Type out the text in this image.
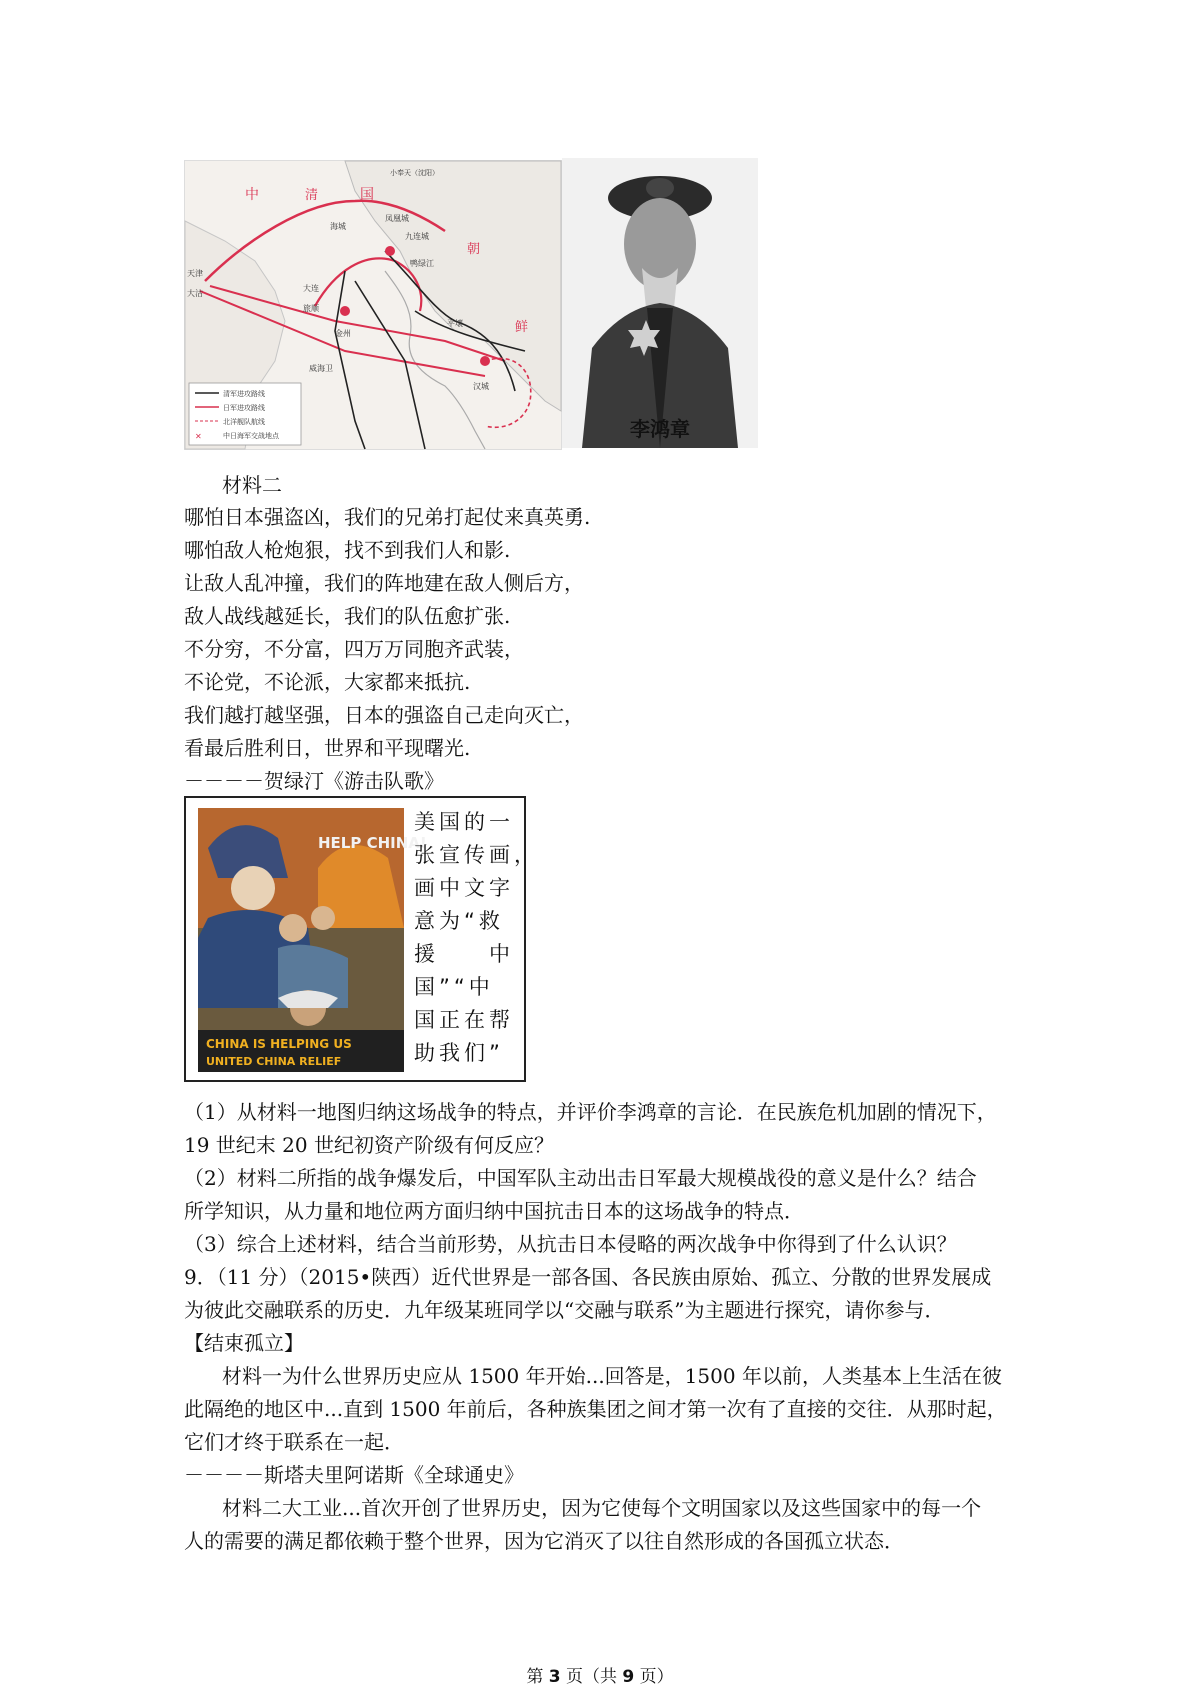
中	清	国
朝
鲜
大连
旅顺
威海卫
平壤
汉城
天津
大沽
九连城
凤凰城
金州
鸭绿江
海城
小奉天（沈阳）
✕
清军进攻路线
日军进攻路线
北洋舰队航线
中日海军交战地点	李鸿章
材料二
哪怕日本强盗凶，我们的兄弟打起仗来真英勇.
哪怕敌人枪炮狠，找不到我们人和影.
让敌人乱冲撞，我们的阵地建在敌人侧后方，
敌人战线越延长，我们的队伍愈扩张.
不分穷，不分富，四万万同胞齐武装，
不论党，不论派，大家都来抵抗.
我们越打越坚强，日本的强盗自己走向灭亡，
看最后胜利日，世界和平现曙光.
－－－－贺绿汀《游击队歌》
HELP CHINA!
CHINA IS HELPING US
UNITED CHINA RELIEF
美国的一
张宣传画，
画中文字
意为“救
援　　中
国”“中
国正在帮
助我们”
（1）从材料一地图归纳这场战争的特点，并评价李鸿章的言论．在民族危机加剧的情况下，
19 世纪末 20 世纪初资产阶级有何反应？
（2）材料二所指的战争爆发后，中国军队主动出击日军最大规模战役的意义是什么？结合
所学知识，从力量和地位两方面归纳中国抗击日本的这场战争的特点．
（3）综合上述材料，结合当前形势，从抗击日本侵略的两次战争中你得到了什么认识？
9．（11 分）（2015•陕西）近代世界是一部各国、各民族由原始、孤立、分散的世界发展成
为彼此交融联系的历史．九年级某班同学以“交融与联系”为主题进行探究，请你参与．
【结束孤立】
材料一为什么世界历史应从 1500 年开始...回答是，1500 年以前，人类基本上生活在彼
此隔绝的地区中...直到 1500 年前后，各种族集团之间才第一次有了直接的交往．从那时起，
它们才终于联系在一起．
－－－－斯塔夫里阿诺斯《全球通史》
材料二大工业...首次开创了世界历史，因为它使每个文明国家以及这些国家中的每一个
人的需要的满足都依赖于整个世界，因为它消灭了以往自然形成的各国孤立状态．
第 3 页（共 9 页）
